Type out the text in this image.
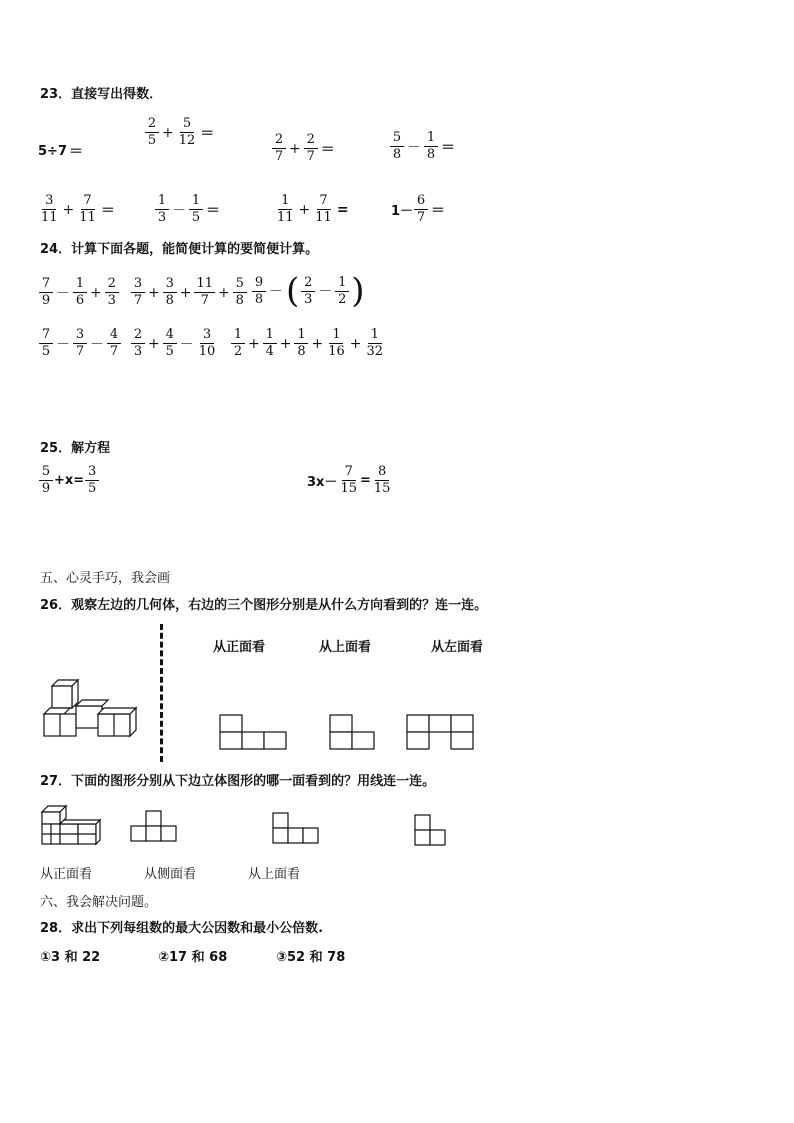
23．直接写出得数．
5÷7 ＝
$\frac{2}{5} + \frac{5}{12}$ ＝	$\frac{2}{7} + \frac{2}{7}$ ＝	$\frac{5}{8} - \frac{1}{8}$ ＝
$\frac{3}{11} + \frac{7}{11}$ ＝	$\frac{1}{3} - \frac{1}{5}$ ＝	$\frac{1}{11} + \frac{7}{11}$ =	$1- \frac{6}{7}$ ＝
24．计算下面各题，能简便计算的要简便计算。
$\frac{7}{9} - \frac{1}{6} + \frac{2}{3} \frac{3}{7} + \frac{3}{8} + \frac{11}{7} + \frac{5}{8} \frac{9}{8}$ － ( $\frac{2}{3} - \frac{1}{2}$ )
$\frac{7}{5} - \frac{3}{7} - \frac{4}{7} \frac{2}{3} + \frac{4}{5} - \frac{3}{10} \frac{1}{2} + \frac{1}{4} + \frac{1}{8} + \frac{1}{16} + \frac{1}{32}$
25．解方程
$\frac{5}{9} +x= \frac{3}{5}$	$3x- \frac{7}{15} = \frac{8}{15}$
五、心灵手巧，我会画
26．观察左边的几何体，右边的三个图形分别是从什么方向看到的？连一连。
从正面看	从上面看	从左面看
27．下面的图形分别从下边立体图形的哪一面看到的？用线连一连。
从正面看	从侧面看	从上面看
六、我会解决问题。
28．求出下列每组数的最大公因数和最小公倍数.
①3 和 22	②17 和 68	③52 和 78
